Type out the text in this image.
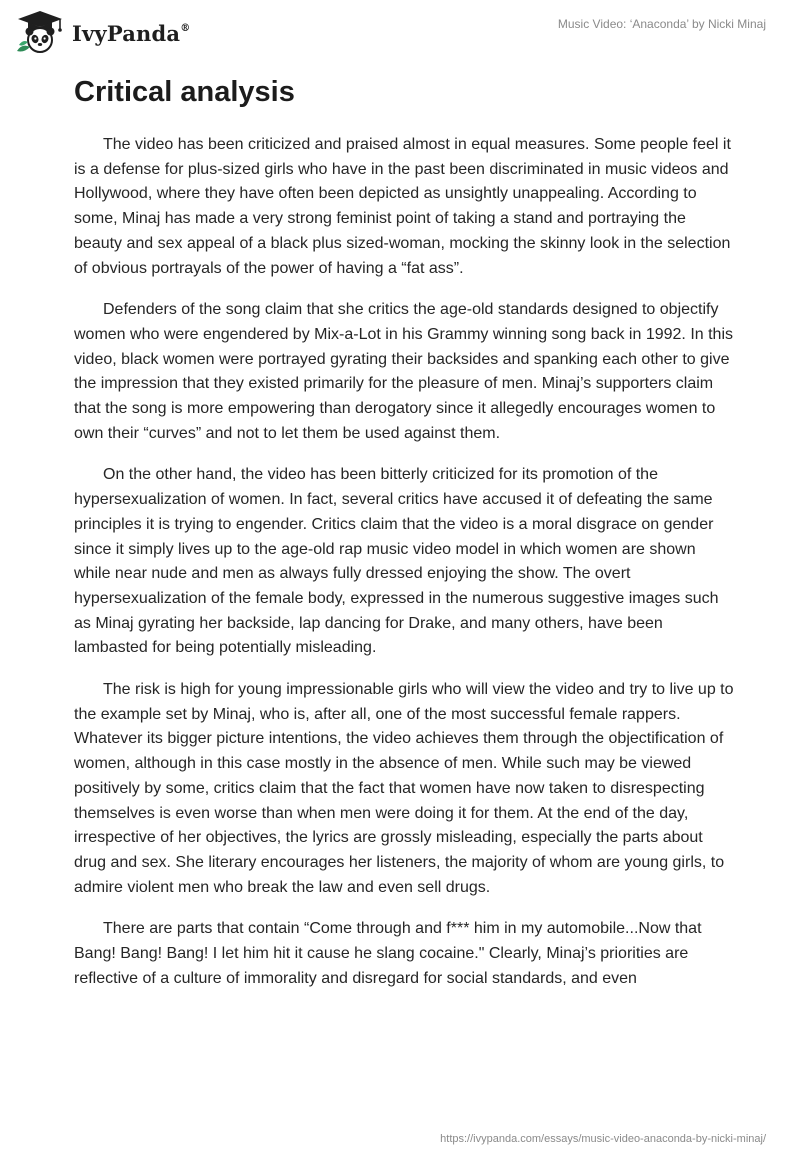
IvyPanda®	Music Video: ‘Anaconda’ by Nicki Minaj
Critical analysis

The video has been criticized and praised almost in equal measures. Some people feel it is a defense for plus-sized girls who have in the past been discriminated in music videos and Hollywood, where they have often been depicted as unsightly unappealing. According to some, Minaj has made a very strong feminist point of taking a stand and portraying the beauty and sex appeal of a black plus sized-woman, mocking the skinny look in the selection of obvious portrayals of the power of having a “fat ass”.

Defenders of the song claim that she critics the age-old standards designed to objectify women who were engendered by Mix-a-Lot in his Grammy winning song back in 1992. In this video, black women were portrayed gyrating their backsides and spanking each other to give the impression that they existed primarily for the pleasure of men. Minaj’s supporters claim that the song is more empowering than derogatory since it allegedly encourages women to own their “curves” and not to let them be used against them.

On the other hand, the video has been bitterly criticized for its promotion of the hypersexualization of women. In fact, several critics have accused it of defeating the same principles it is trying to engender. Critics claim that the video is a moral disgrace on gender since it simply lives up to the age-old rap music video model in which women are shown while near nude and men as always fully dressed enjoying the show. The overt hypersexualization of the female body, expressed in the numerous suggestive images such as Minaj gyrating her backside, lap dancing for Drake, and many others, have been lambasted for being potentially misleading.

The risk is high for young impressionable girls who will view the video and try to live up to the example set by Minaj, who is, after all, one of the most successful female rappers. Whatever its bigger picture intentions, the video achieves them through the objectification of women, although in this case mostly in the absence of men. While such may be viewed positively by some, critics claim that the fact that women have now taken to disrespecting themselves is even worse than when men were doing it for them. At the end of the day, irrespective of her objectives, the lyrics are grossly misleading, especially the parts about drug and sex. She literary encourages her listeners, the majority of whom are young girls, to admire violent men who break the law and even sell drugs.

There are parts that contain “Come through and f*** him in my automobile...Now that Bang! Bang! Bang! I let him hit it cause he slang cocaine." Clearly, Minaj’s priorities are reflective of a culture of immorality and disregard for social standards, and even

https://ivypanda.com/essays/music-video-anaconda-by-nicki-minaj/
